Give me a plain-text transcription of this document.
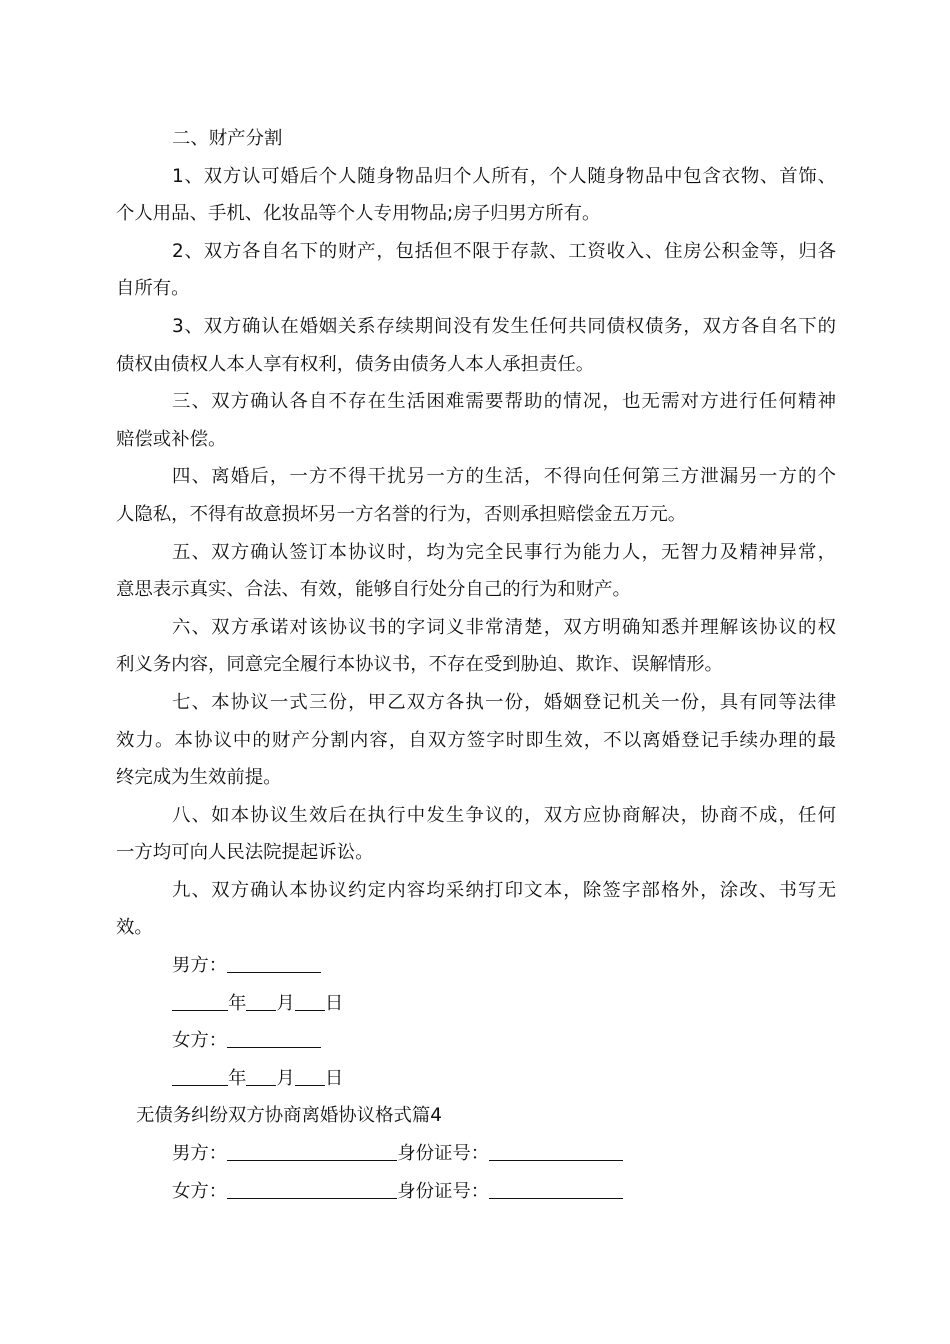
二、财产分割
1、双方认可婚后个人随身物品归个人所有，个人随身物品中包含衣物、首饰、
个人用品、手机、化妆品等个人专用物品;房子归男方所有。
2、双方各自名下的财产，包括但不限于存款、工资收入、住房公积金等，归各
自所有。
3、双方确认在婚姻关系存续期间没有发生任何共同债权债务，双方各自名下的
债权由债权人本人享有权利，债务由债务人本人承担责任。
三、双方确认各自不存在生活困难需要帮助的情况，也无需对方进行任何精神
赔偿或补偿。
四、离婚后，一方不得干扰另一方的生活，不得向任何第三方泄漏另一方的个
人隐私，不得有故意损坏另一方名誉的行为，否则承担赔偿金五万元。
五、双方确认签订本协议时，均为完全民事行为能力人，无智力及精神异常，
意思表示真实、合法、有效，能够自行处分自己的行为和财产。
六、双方承诺对该协议书的字词义非常清楚，双方明确知悉并理解该协议的权
利义务内容，同意完全履行本协议书，不存在受到胁迫、欺诈、误解情形。
七、本协议一式三份，甲乙双方各执一份，婚姻登记机关一份，具有同等法律
效力。本协议中的财产分割内容，自双方签字时即生效，不以离婚登记手续办理的最
终完成为生效前提。
八、如本协议生效后在执行中发生争议的，双方应协商解决，协商不成，任何
一方均可向人民法院提起诉讼。
九、双方确认本协议约定内容均采纳打印文本，除签字部格外，涂改、书写无
效。
男方：
年 月 日
女方：
年 月 日
无债务纠纷双方协商离婚协议格式篇4
男方：	身份证号：
女方：	身份证号：
